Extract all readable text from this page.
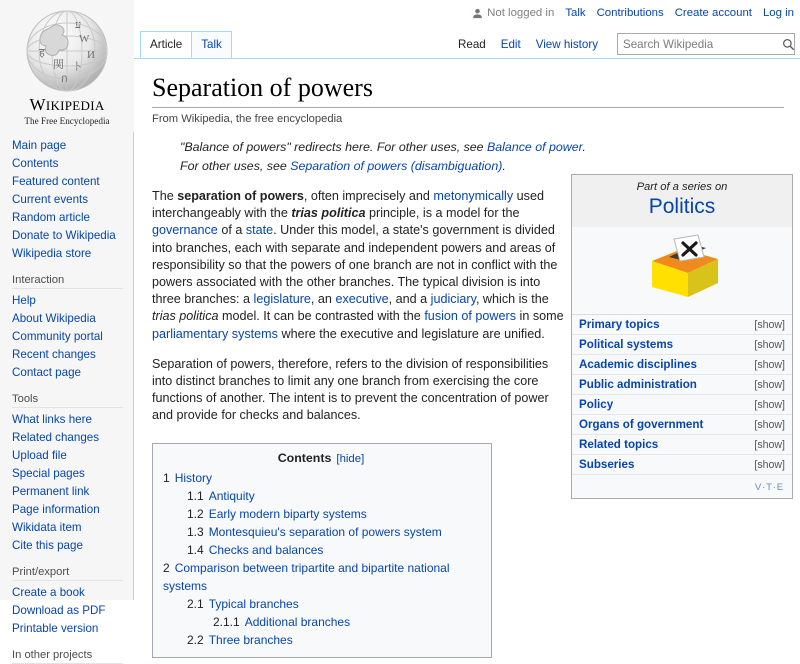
W
И
関 ト
ह
ע
ก
WIKIPEDIA
The Free Encyclopedia
Main page
Contents
Featured content
Current events
Random article
Donate to Wikipedia
Wikipedia store
Interaction
Help
About Wikipedia
Community portal
Recent changes
Contact page
Tools
What links here
Related changes
Upload file
Special pages
Permanent link
Page information
Wikidata item
Cite this page
Print/export
Create a book
Download as PDF
Printable version
In other projects
Not logged in Talk Contributions Create account Log in
Article	Talk	Read	Edit	View history
Search Wikipedia
Separation of powers
From Wikipedia, the free encyclopedia
"Balance of powers" redirects here. For other uses, see Balance of power.
For other uses, see Separation of powers (disambiguation).

The separation of powers, often imprecisely and metonymically used interchangeably with the trias politica principle, is a model for the governance of a state. Under this model, a state's government is divided into branches, each with separate and independent powers and areas of responsibility so that the powers of one branch are not in conflict with the powers associated with the other branches. The typical division is into three branches: a legislature, an executive, and a judiciary, which is the trias politica model. It can be contrasted with the fusion of powers in some parliamentary systems where the executive and legislature are unified.

Separation of powers, therefore, refers to the division of responsibilities into distinct branches to limit any one branch from exercising the core functions of another. The intent is to prevent the concentration of power and provide for checks and balances.

Contents [hide]
1 History
1.1 Antiquity
1.2 Early modern biparty systems
1.3 Montesquieu's separation of powers system
1.4 Checks and balances
2 Comparison between tripartite and bipartite national systems
2.1 Typical branches
2.1.1 Additional branches
2.2 Three branches
Part of a series on
Politics
Primary topics	[show]
Political systems	[show]
Academic disciplines	[show]
Public administration	[show]
Policy	[show]
Organs of government	[show]
Related topics	[show]
Subseries	[show]
V·T·E
